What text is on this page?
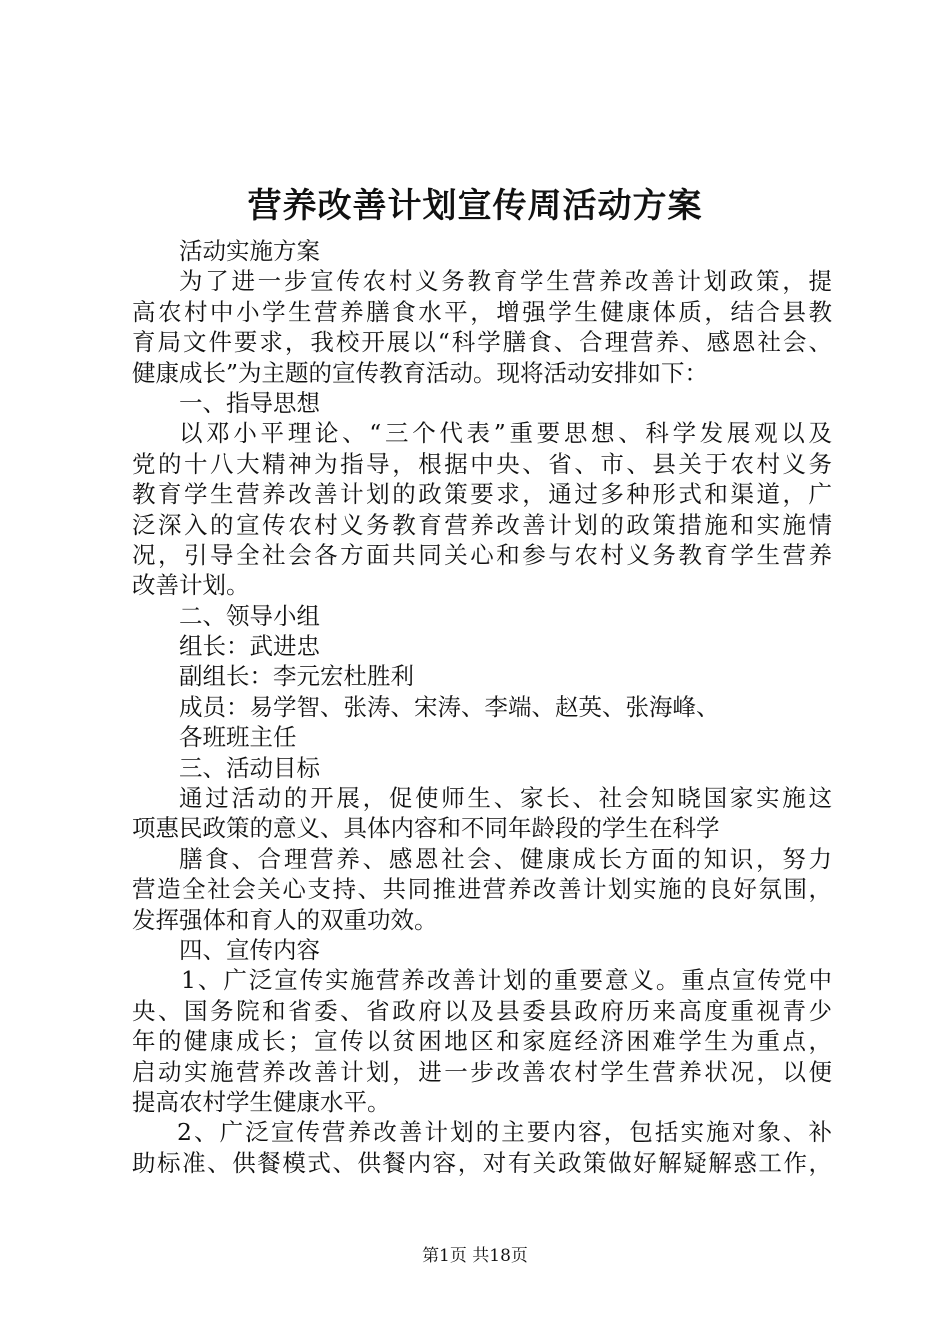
营养改善计划宣传周活动方案
活动实施方案
为了进一步宣传农村义务教育学生营养改善计划政策，提
高农村中小学生营养膳食水平，增强学生健康体质，结合县教
育局文件要求，我校开展以“科学膳食、合理营养、感恩社会、
健康成长”为主题的宣传教育活动。现将活动安排如下：
一、指导思想
以邓小平理论、“三个代表”重要思想、科学发展观以及
党的十八大精神为指导，根据中央、省、市、县关于农村义务
教育学生营养改善计划的政策要求，通过多种形式和渠道，广
泛深入的宣传农村义务教育营养改善计划的政策措施和实施情
况，引导全社会各方面共同关心和参与农村义务教育学生营养
改善计划。
二、领导小组
组长：武进忠
副组长：李元宏杜胜利
成员：易学智、张涛、宋涛、李端、赵英、张海峰、
各班班主任
三、活动目标
通过活动的开展，促使师生、家长、社会知晓国家实施这
项惠民政策的意义、具体内容和不同年龄段的学生在科学
膳食、合理营养、感恩社会、健康成长方面的知识，努力
营造全社会关心支持、共同推进营养改善计划实施的良好氛围，
发挥强体和育人的双重功效。
四、宣传内容
1、广泛宣传实施营养改善计划的重要意义。重点宣传党中
央、国务院和省委、省政府以及县委县政府历来高度重视青少
年的健康成长；宣传以贫困地区和家庭经济困难学生为重点，
启动实施营养改善计划，进一步改善农村学生营养状况，以便
提高农村学生健康水平。
2、广泛宣传营养改善计划的主要内容，包括实施对象、补
助标准、供餐模式、供餐内容，对有关政策做好解疑解惑工作，
第1页 共18页
